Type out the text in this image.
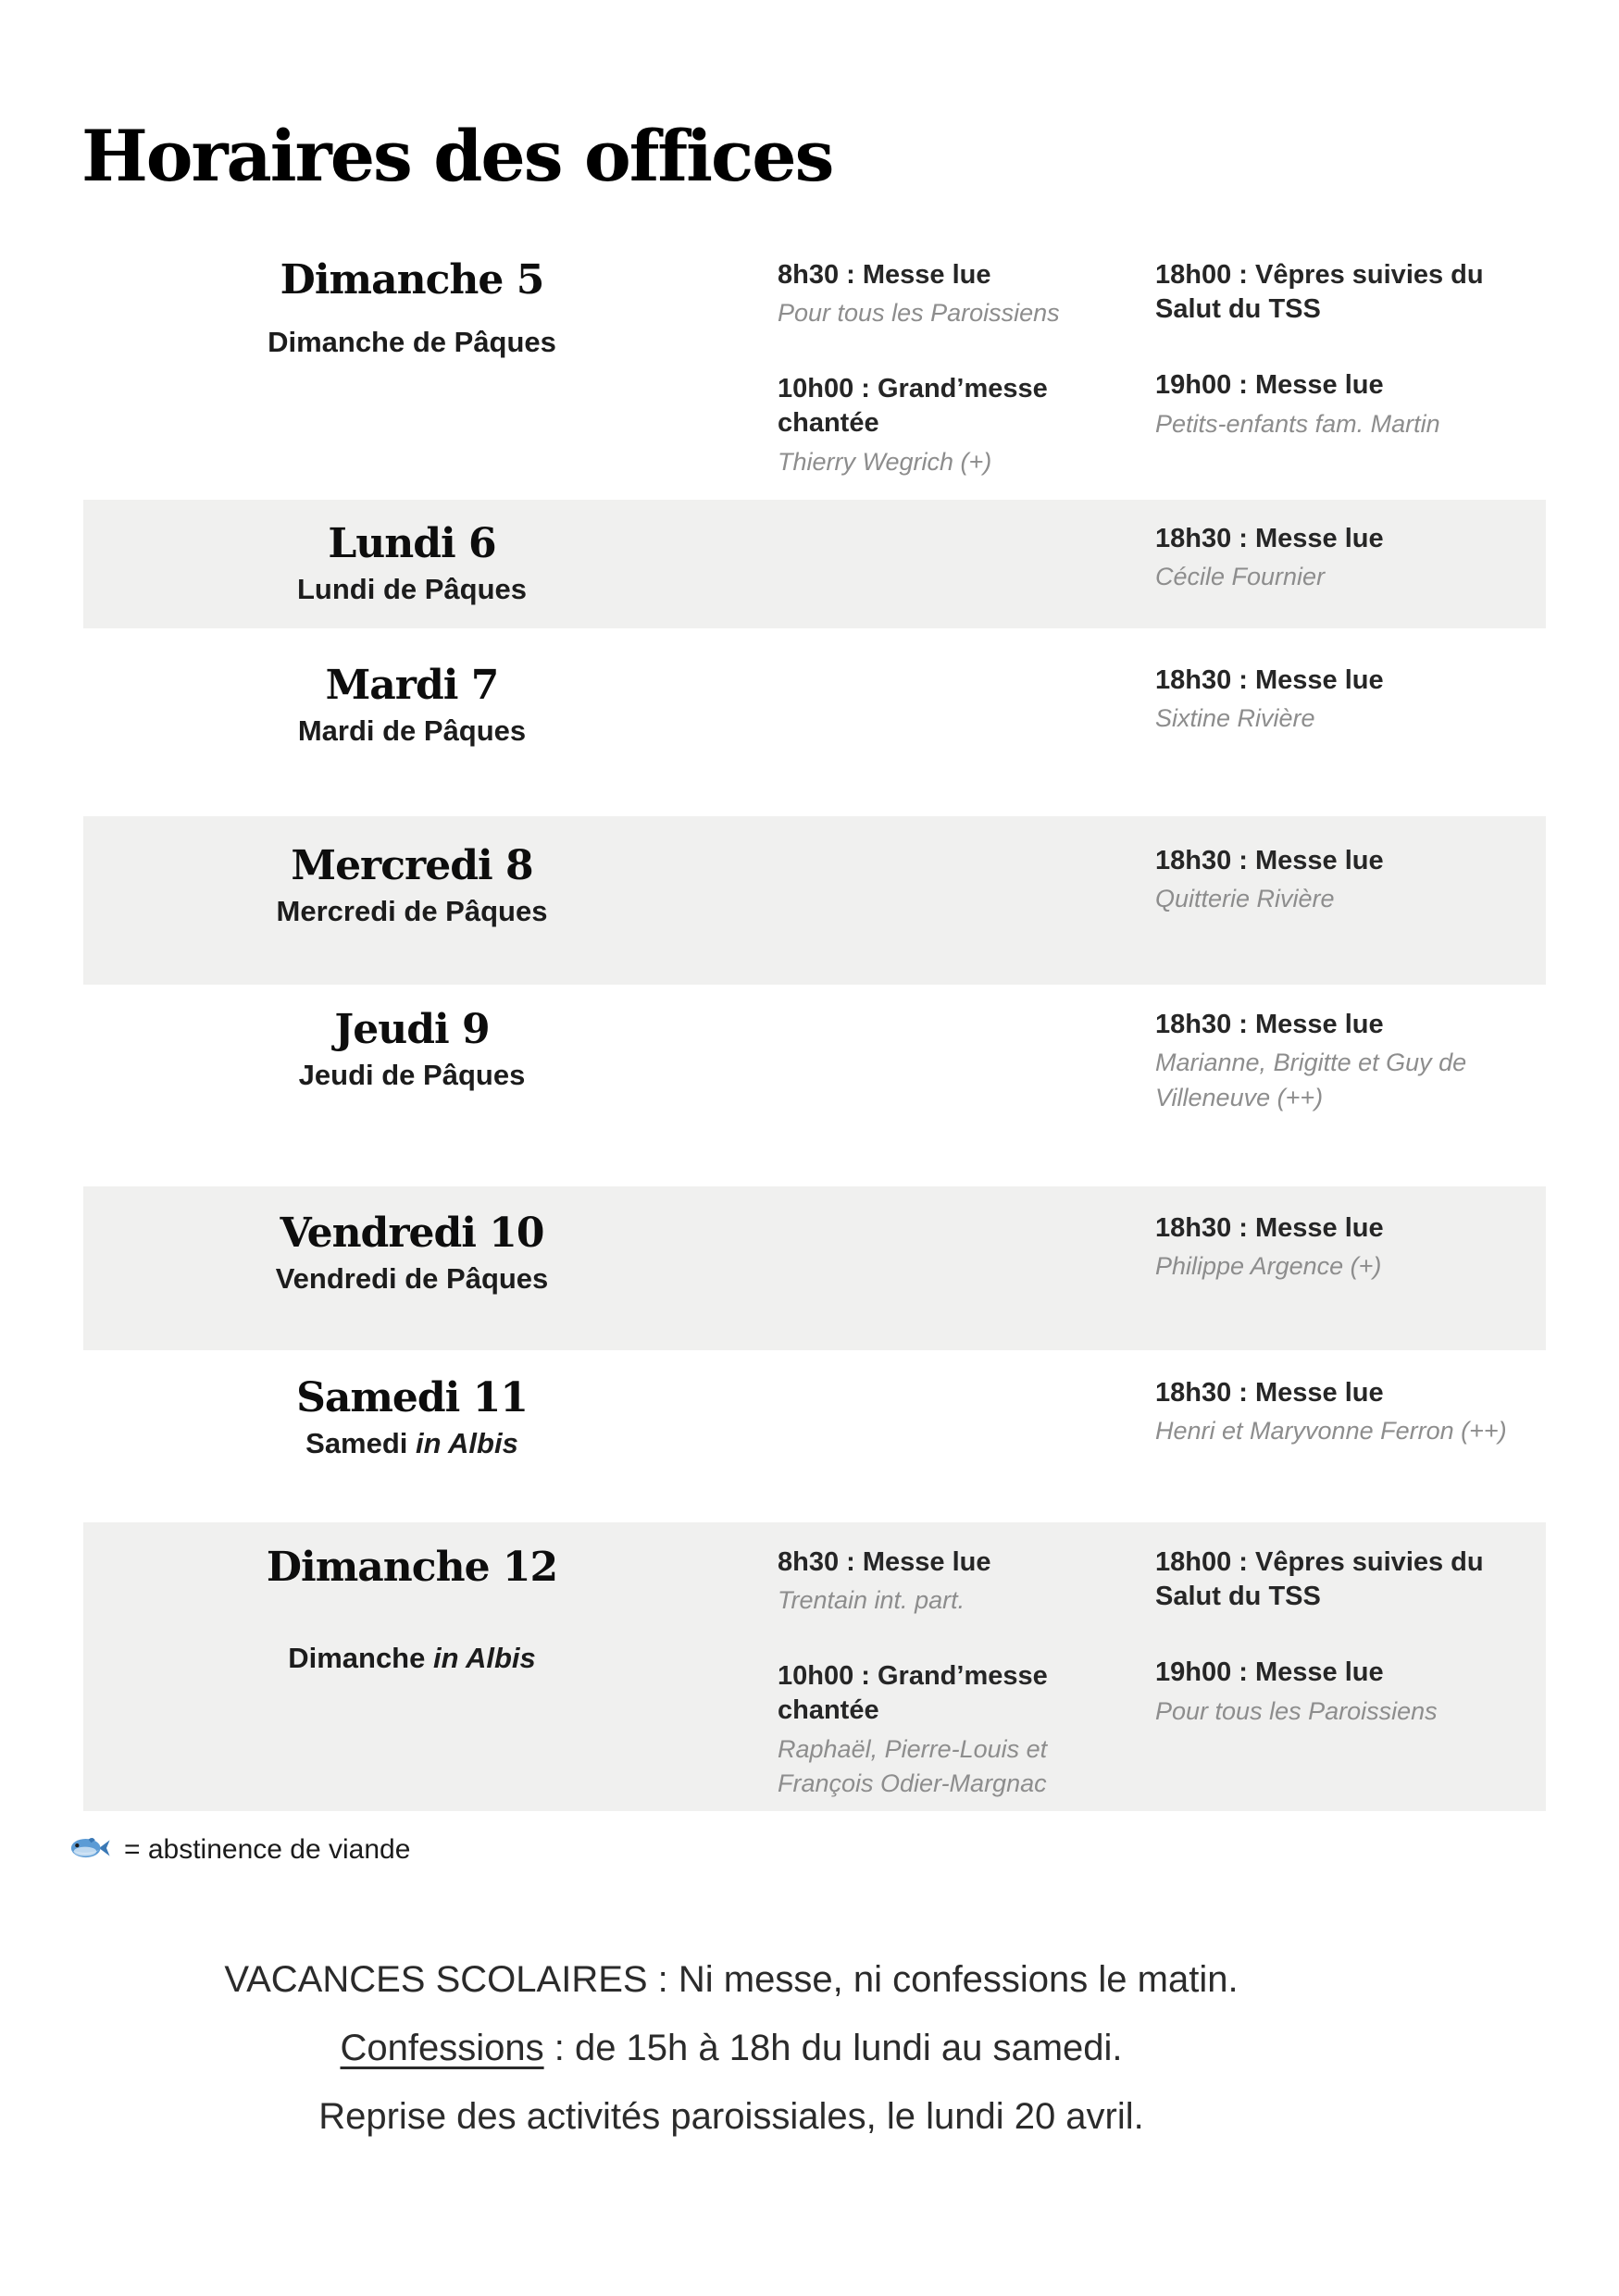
Horaires des offices
Dimanche 5
Dimanche de Pâques
8h30 : Messe lue
Pour tous les Paroissiens
10h00 : Grand’messe chantée
Thierry Wegrich (+)
18h00 : Vêpres suivies du Salut du TSS
19h00 : Messe lue
Petits-enfants fam. Martin
Lundi 6
Lundi de Pâques
18h30 : Messe lue
Cécile Fournier
Mardi 7
Mardi de Pâques
18h30 : Messe lue
Sixtine Rivière
Mercredi 8
Mercredi de Pâques
18h30 : Messe lue
Quitterie Rivière
Jeudi 9
Jeudi de Pâques
18h30 : Messe lue
Marianne, Brigitte et Guy de Villeneuve (++)
Vendredi 10
Vendredi de Pâques
18h30 : Messe lue
Philippe Argence (+)
Samedi 11
Samedi in Albis
18h30 : Messe lue
Henri et Maryvonne Ferron (++)
Dimanche 12
Dimanche in Albis
8h30 : Messe lue
Trentain int. part.
10h00 : Grand’messe chantée
Raphaël, Pierre-Louis et François Odier-Margnac
18h00 : Vêpres suivies du Salut du TSS
19h00 : Messe lue
Pour tous les Paroissiens
= abstinence de viande
VACANCES SCOLAIRES : Ni messe, ni confessions le matin.
Confessions : de 15h à 18h du lundi au samedi.
Reprise des activités paroissiales, le lundi 20 avril.
